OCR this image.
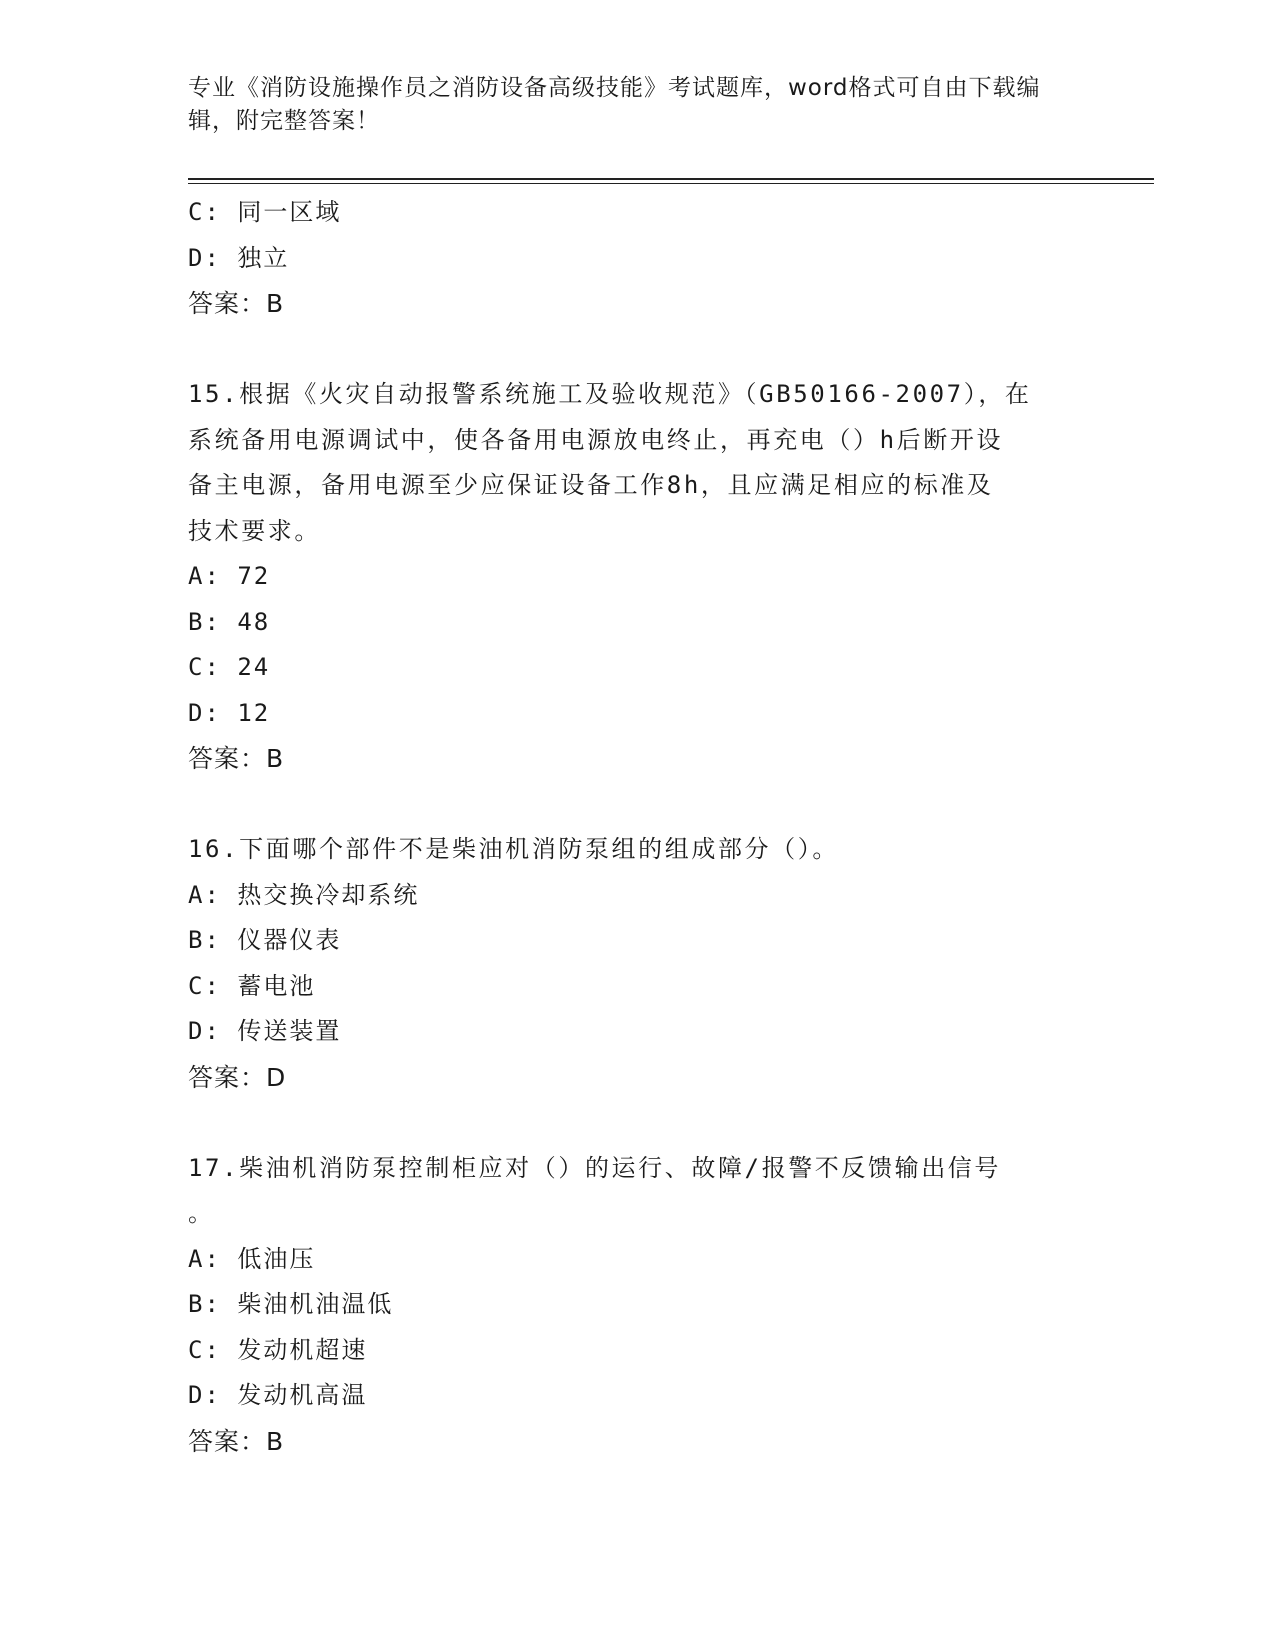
专业《消防设施操作员之消防设备高级技能》考试题库，word格式可自由下载编
辑，附完整答案！
C: 同一区域
D: 独立
答案：B
15.根据《火灾自动报警系统施工及验收规范》（GB50166-2007），在
系统备用电源调试中，使各备用电源放电终止，再充电（）h后断开设
备主电源，备用电源至少应保证设备工作8h，且应满足相应的标准及
技术要求。
A: 72
B: 48
C: 24
D: 12
答案：B
16.下面哪个部件不是柴油机消防泵组的组成部分（）。
A: 热交换冷却系统
B: 仪器仪表
C: 蓄电池
D: 传送装置
答案：D
17.柴油机消防泵控制柜应对（）的运行、故障/报警不反馈输出信号
。
A: 低油压
B: 柴油机油温低
C: 发动机超速
D: 发动机高温
答案：B
